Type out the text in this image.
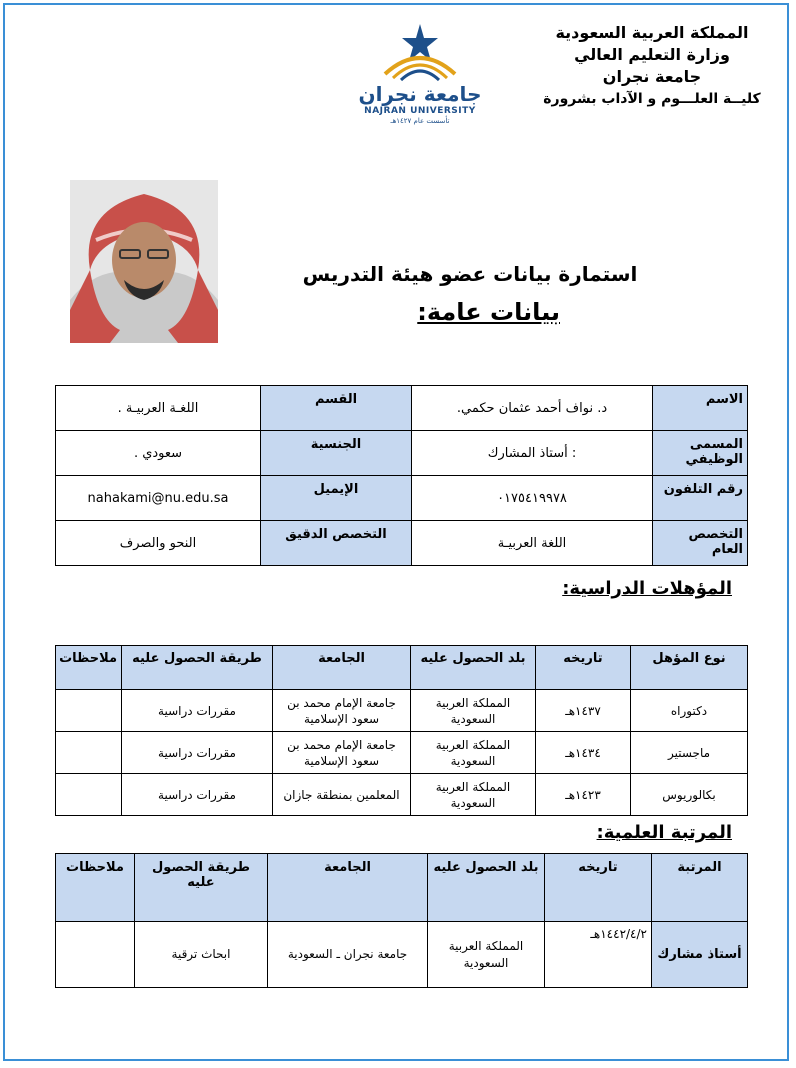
المملكة العربية السعودية
وزارة التعليم العالي
جامعة نجران
كليــة العلـــوم و الآداب بشرورة
جامعة نجران
NAJRAN UNIVERSITY
تأسست عام ١٤٢٧هـ
استمارة بيانات عضو هيئة التدريس
بيانات عامة:
الاسم	د. نواف أحمد عثمان حكمي.	القسم	اللغـة العربيـة .
المسمى الوظيفي	: أستاذ المشارك	الجنسية	سعودي .
رقم التلفون	٠١٧٥٤١٩٩٧٨	الإيميل	nahakami@nu.edu.sa
التخصص العام	اللغة العربيـة	التخصص الدقيق	النحو والصرف
المؤهلات الدراسية:
نوع المؤهل	تاريخه	بلد الحصول عليه	الجامعة	طريقة الحصول عليه	ملاحظات
دكتوراه	١٤٣٧هـ	المملكة العربية السعودية	جامعة الإمام محمد بن سعود الإسلامية	مقررات دراسية	
ماجستير	١٤٣٤هـ	المملكة العربية السعودية	جامعة الإمام محمد بن سعود الإسلامية	مقررات دراسية	
بكالوريوس	١٤٢٣هـ	المملكة العربية السعودية	المعلمين بمنطقة جازان	مقررات دراسية	
المرتبة العلمية:
المرتبة	تاريخه	بلد الحصول عليه	الجامعة	طريقة الحصول عليه	ملاحظات
أستاذ مشارك	١٤٤٢/٤/٢هـ	المملكة العربية السعودية	جامعة نجران ـ السعودية	ابحاث ترقية	
